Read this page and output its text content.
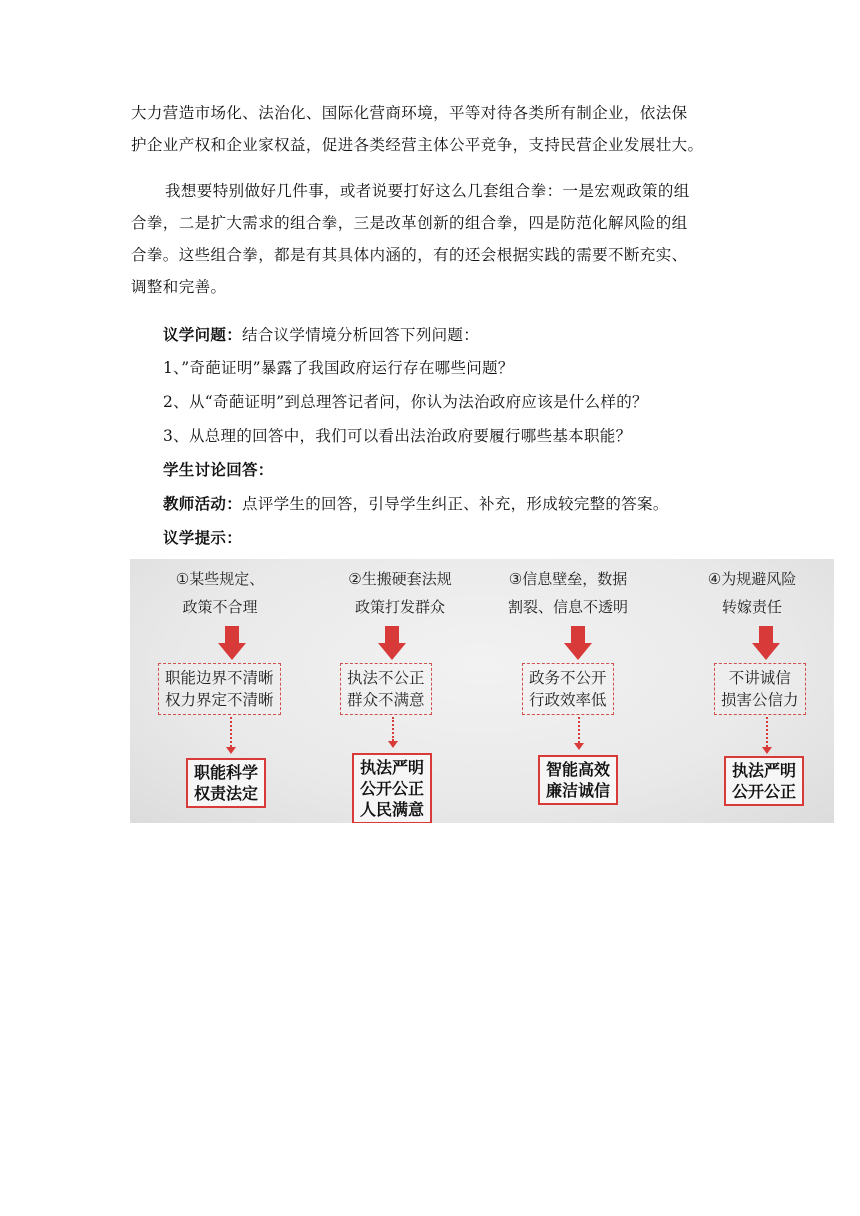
大力营造市场化、法治化、国际化营商环境，平等对待各类所有制企业，依法保
护企业产权和企业家权益，促进各类经营主体公平竞争，支持民营企业发展壮大。
我想要特别做好几件事，或者说要打好这么几套组合拳：一是宏观政策的组
合拳，二是扩大需求的组合拳，三是改革创新的组合拳，四是防范化解风险的组
合拳。这些组合拳，都是有其具体内涵的，有的还会根据实践的需要不断充实、
调整和完善。
议学问题：结合议学情境分析回答下列问题：
1、”奇葩证明”暴露了我国政府运行存在哪些问题？
2、从“奇葩证明”到总理答记者问，你认为法治政府应该是什么样的？
3、从总理的回答中，我们可以看出法治政府要履行哪些基本职能？
学生讨论回答：
教师活动：点评学生的回答，引导学生纠正、补充，形成较完整的答案。
议学提示：
①某些规定、
政策不合理
职能边界不清晰
权力界定不清晰
职能科学
权责法定
②生搬硬套法规
政策打发群众
执法不公正
群众不满意
执法严明
公开公正
人民满意
③信息壁垒，数据
割裂、信息不透明
政务不公开
行政效率低
智能高效
廉洁诚信
④为规避风险
转嫁责任
不讲诚信
损害公信力
执法严明
公开公正
